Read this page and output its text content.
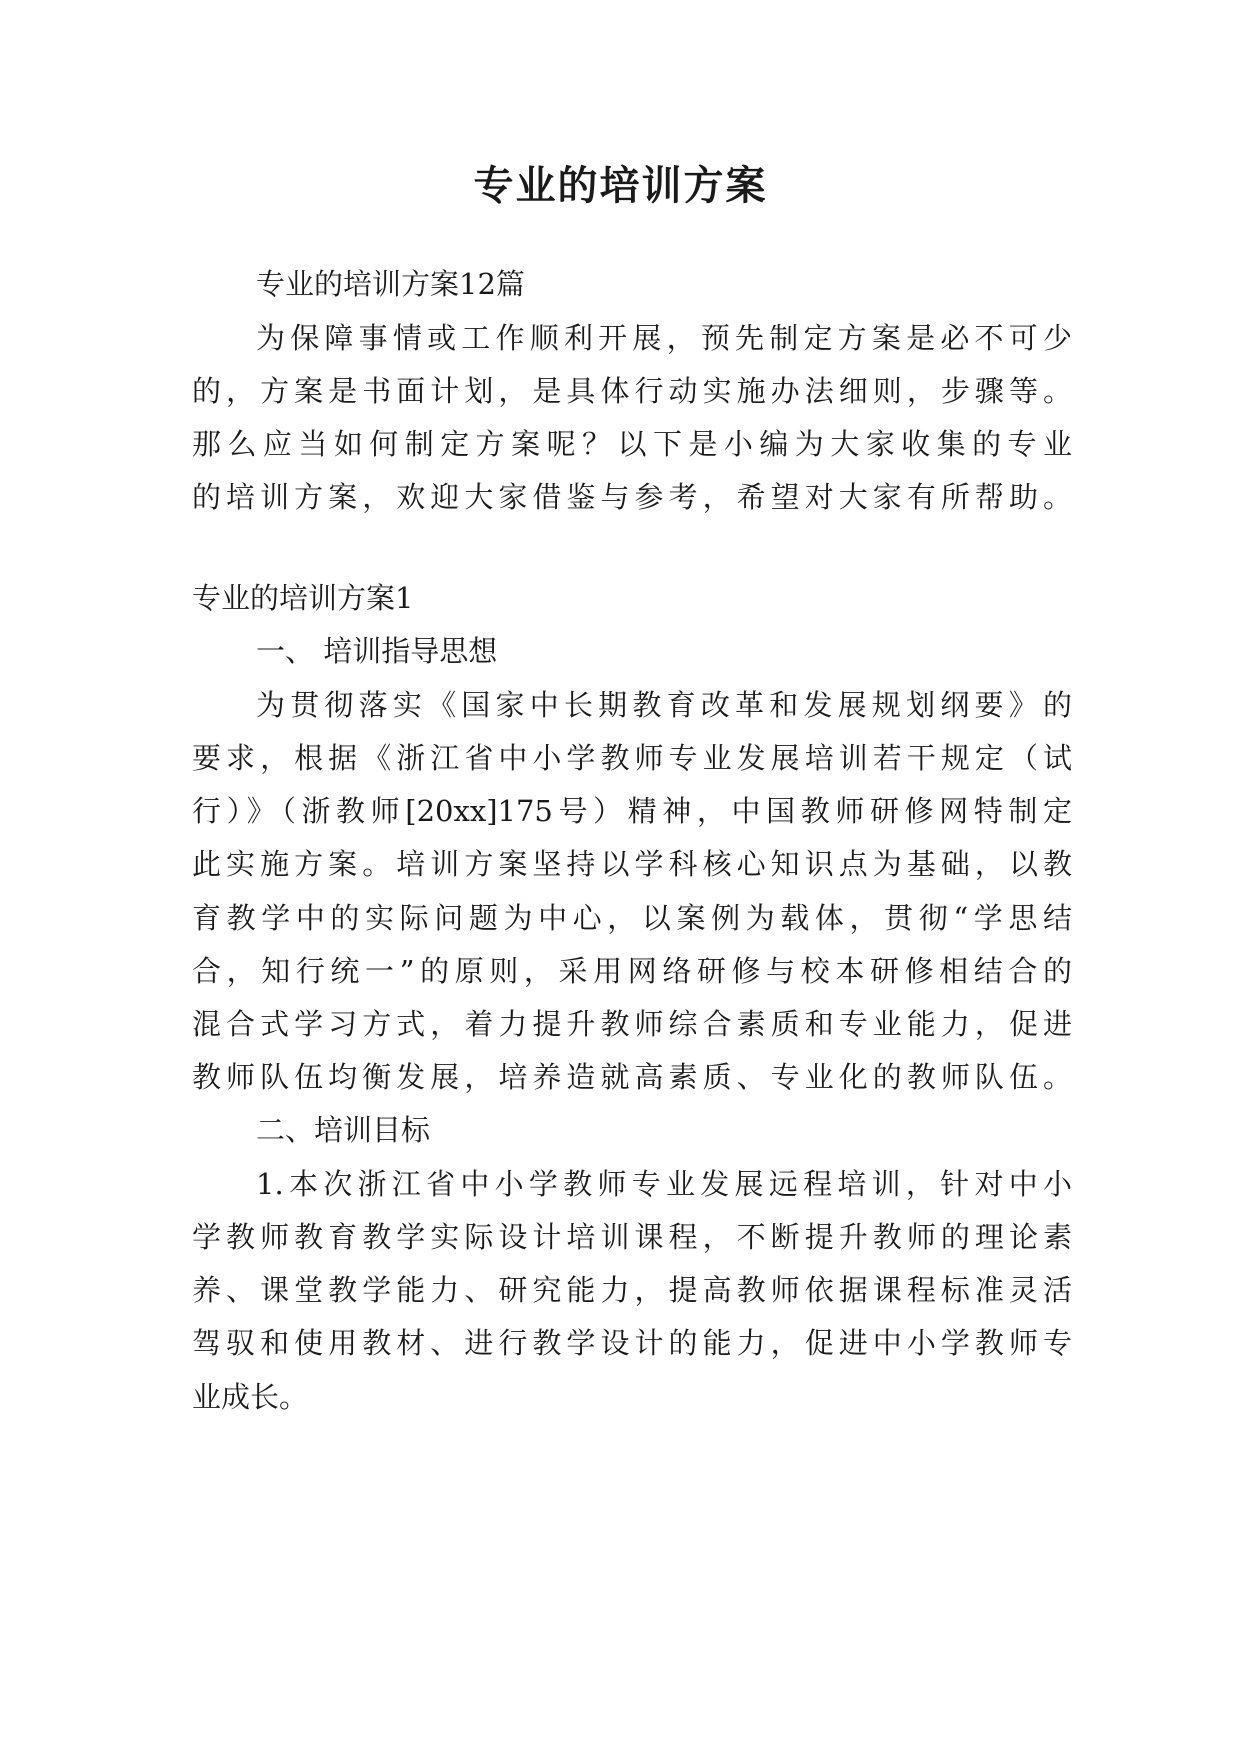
专业的培训方案

专业的培训方案12篇

为保障事情或工作顺利开展，预先制定方案是必不可少

的，方案是书面计划，是具体行动实施办法细则，步骤等。

那么应当如何制定方案呢？以下是小编为大家收集的专业

的培训方案，欢迎大家借鉴与参考，希望对大家有所帮助。

专业的培训方案1

一、 培训指导思想

为贯彻落实《国家中长期教育改革和发展规划纲要》的

要求，根据《浙江省中小学教师专业发展培训若干规定（试

行）》（浙教师[20xx]175号）精神，中国教师研修网特制定

此实施方案。培训方案坚持以学科核心知识点为基础，以教

育教学中的实际问题为中心，以案例为载体，贯彻“学思结

合，知行统一”的原则，采用网络研修与校本研修相结合的

混合式学习方式，着力提升教师综合素质和专业能力，促进

教师队伍均衡发展，培养造就高素质、专业化的教师队伍。

二、培训目标

1.本次浙江省中小学教师专业发展远程培训，针对中小

学教师教育教学实际设计培训课程，不断提升教师的理论素

养、课堂教学能力、研究能力，提高教师依据课程标准灵活

驾驭和使用教材、进行教学设计的能力，促进中小学教师专

业成长。
